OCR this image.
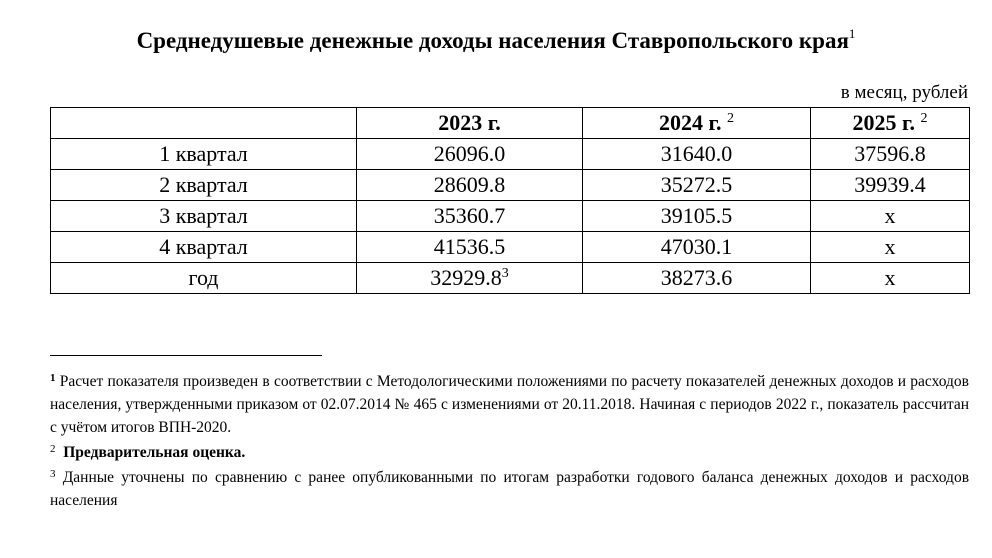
Среднедушевые денежные доходы населения Ставропольского края$^1$
в месяц, рублей
	2023 г.	2024 г. $^2$	2025 г. $^2$
1 квартал	26096.0	31640.0	37596.8
2 квартал	28609.8	35272.5	39939.4
3 квартал	35360.7	39105.5	x
4 квартал	41536.5	47030.1	x
год	32929.8$^3$	38273.6	x

$^1$ Расчет показателя произведен в соответствии с Методологическими положениями по расчету показателей денежных доходов и расходов населения, утвержденными приказом от 02.07.2014 № 465 с изменениями от 20.11.2018. Начиная с периодов 2022 г., показатель рассчитан с учётом итогов ВПН-2020.

$^2$ Предварительная оценка.

$^3$ Данные уточнены по сравнению с ранее опубликованными по итогам разработки годового баланса денежных доходов и расходов населения
